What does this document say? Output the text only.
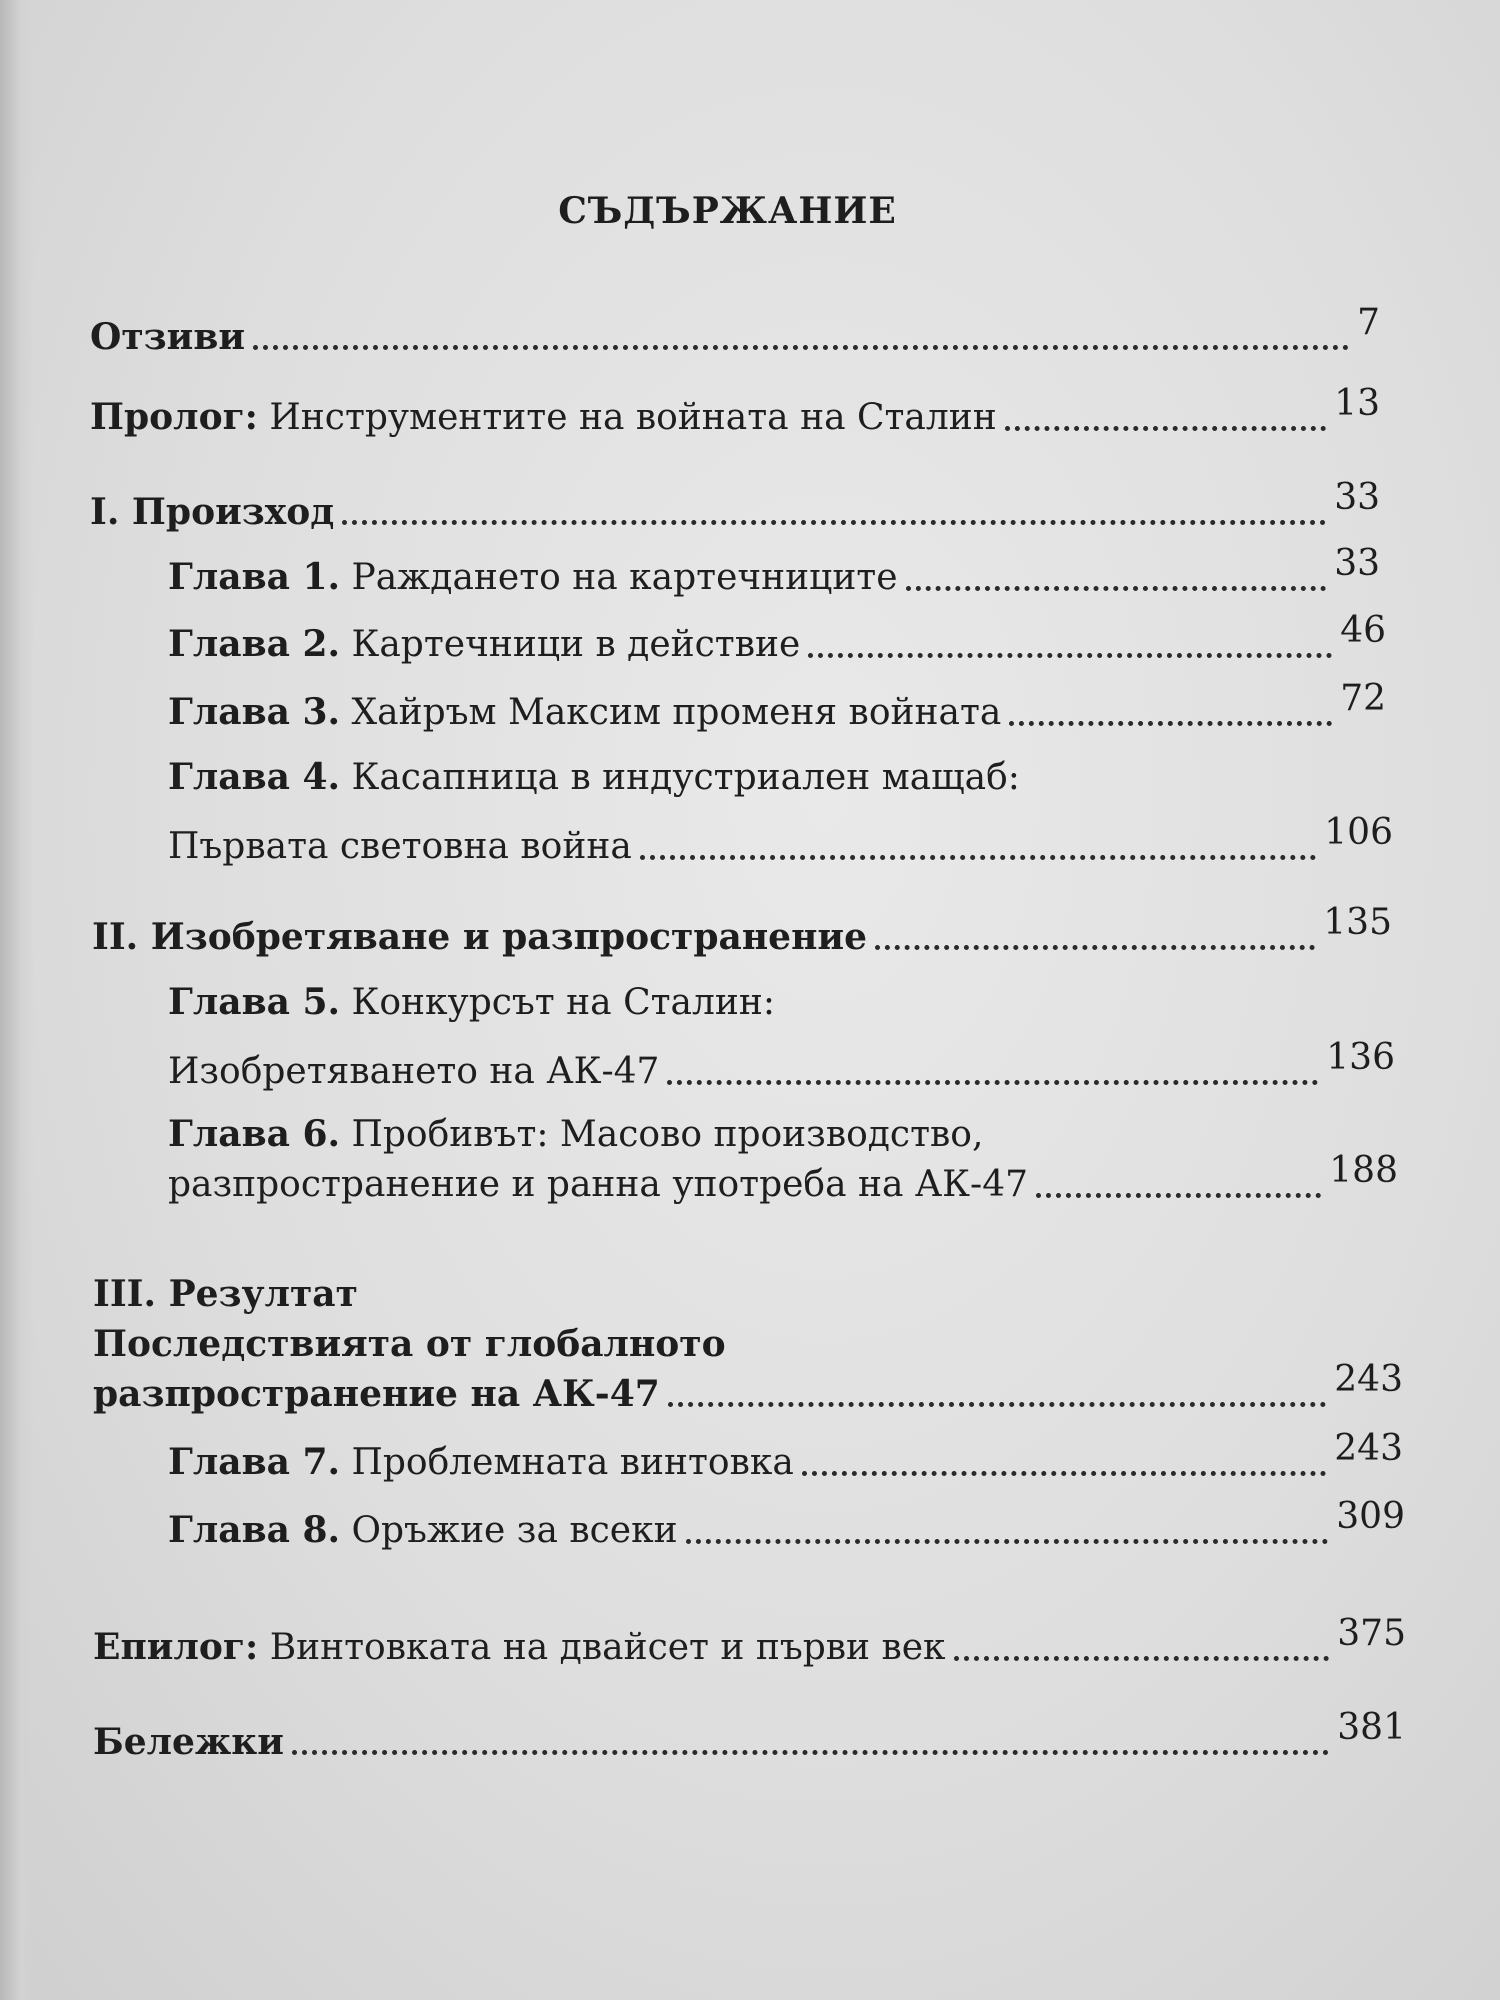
СЪДЪРЖАНИЕ
Отзиви	7
Пролог: Инструментите на войната на Сталин	13
I. Произход	33
Глава 1. Раждането на картечниците	33
Глава 2. Картечници в действие	46
Глава 3. Хайръм Максим променя войната	72
Глава 4. Касапница в индустриален мащаб:
Първата световна война	106
II. Изобретяване и разпространение	135
Глава 5. Конкурсът на Сталин:
Изобретяването на АК-47	136
Глава 6. Пробивът: Масово производство,
разпространение и ранна употреба на АК-47	188
III. Резултат
Последствията от глобалното
разпространение на АК-47	243
Глава 7. Проблемната винтовка	243
Глава 8. Оръжие за всеки	309
Епилог: Винтовката на двайсет и първи век	375
Бележки	381
